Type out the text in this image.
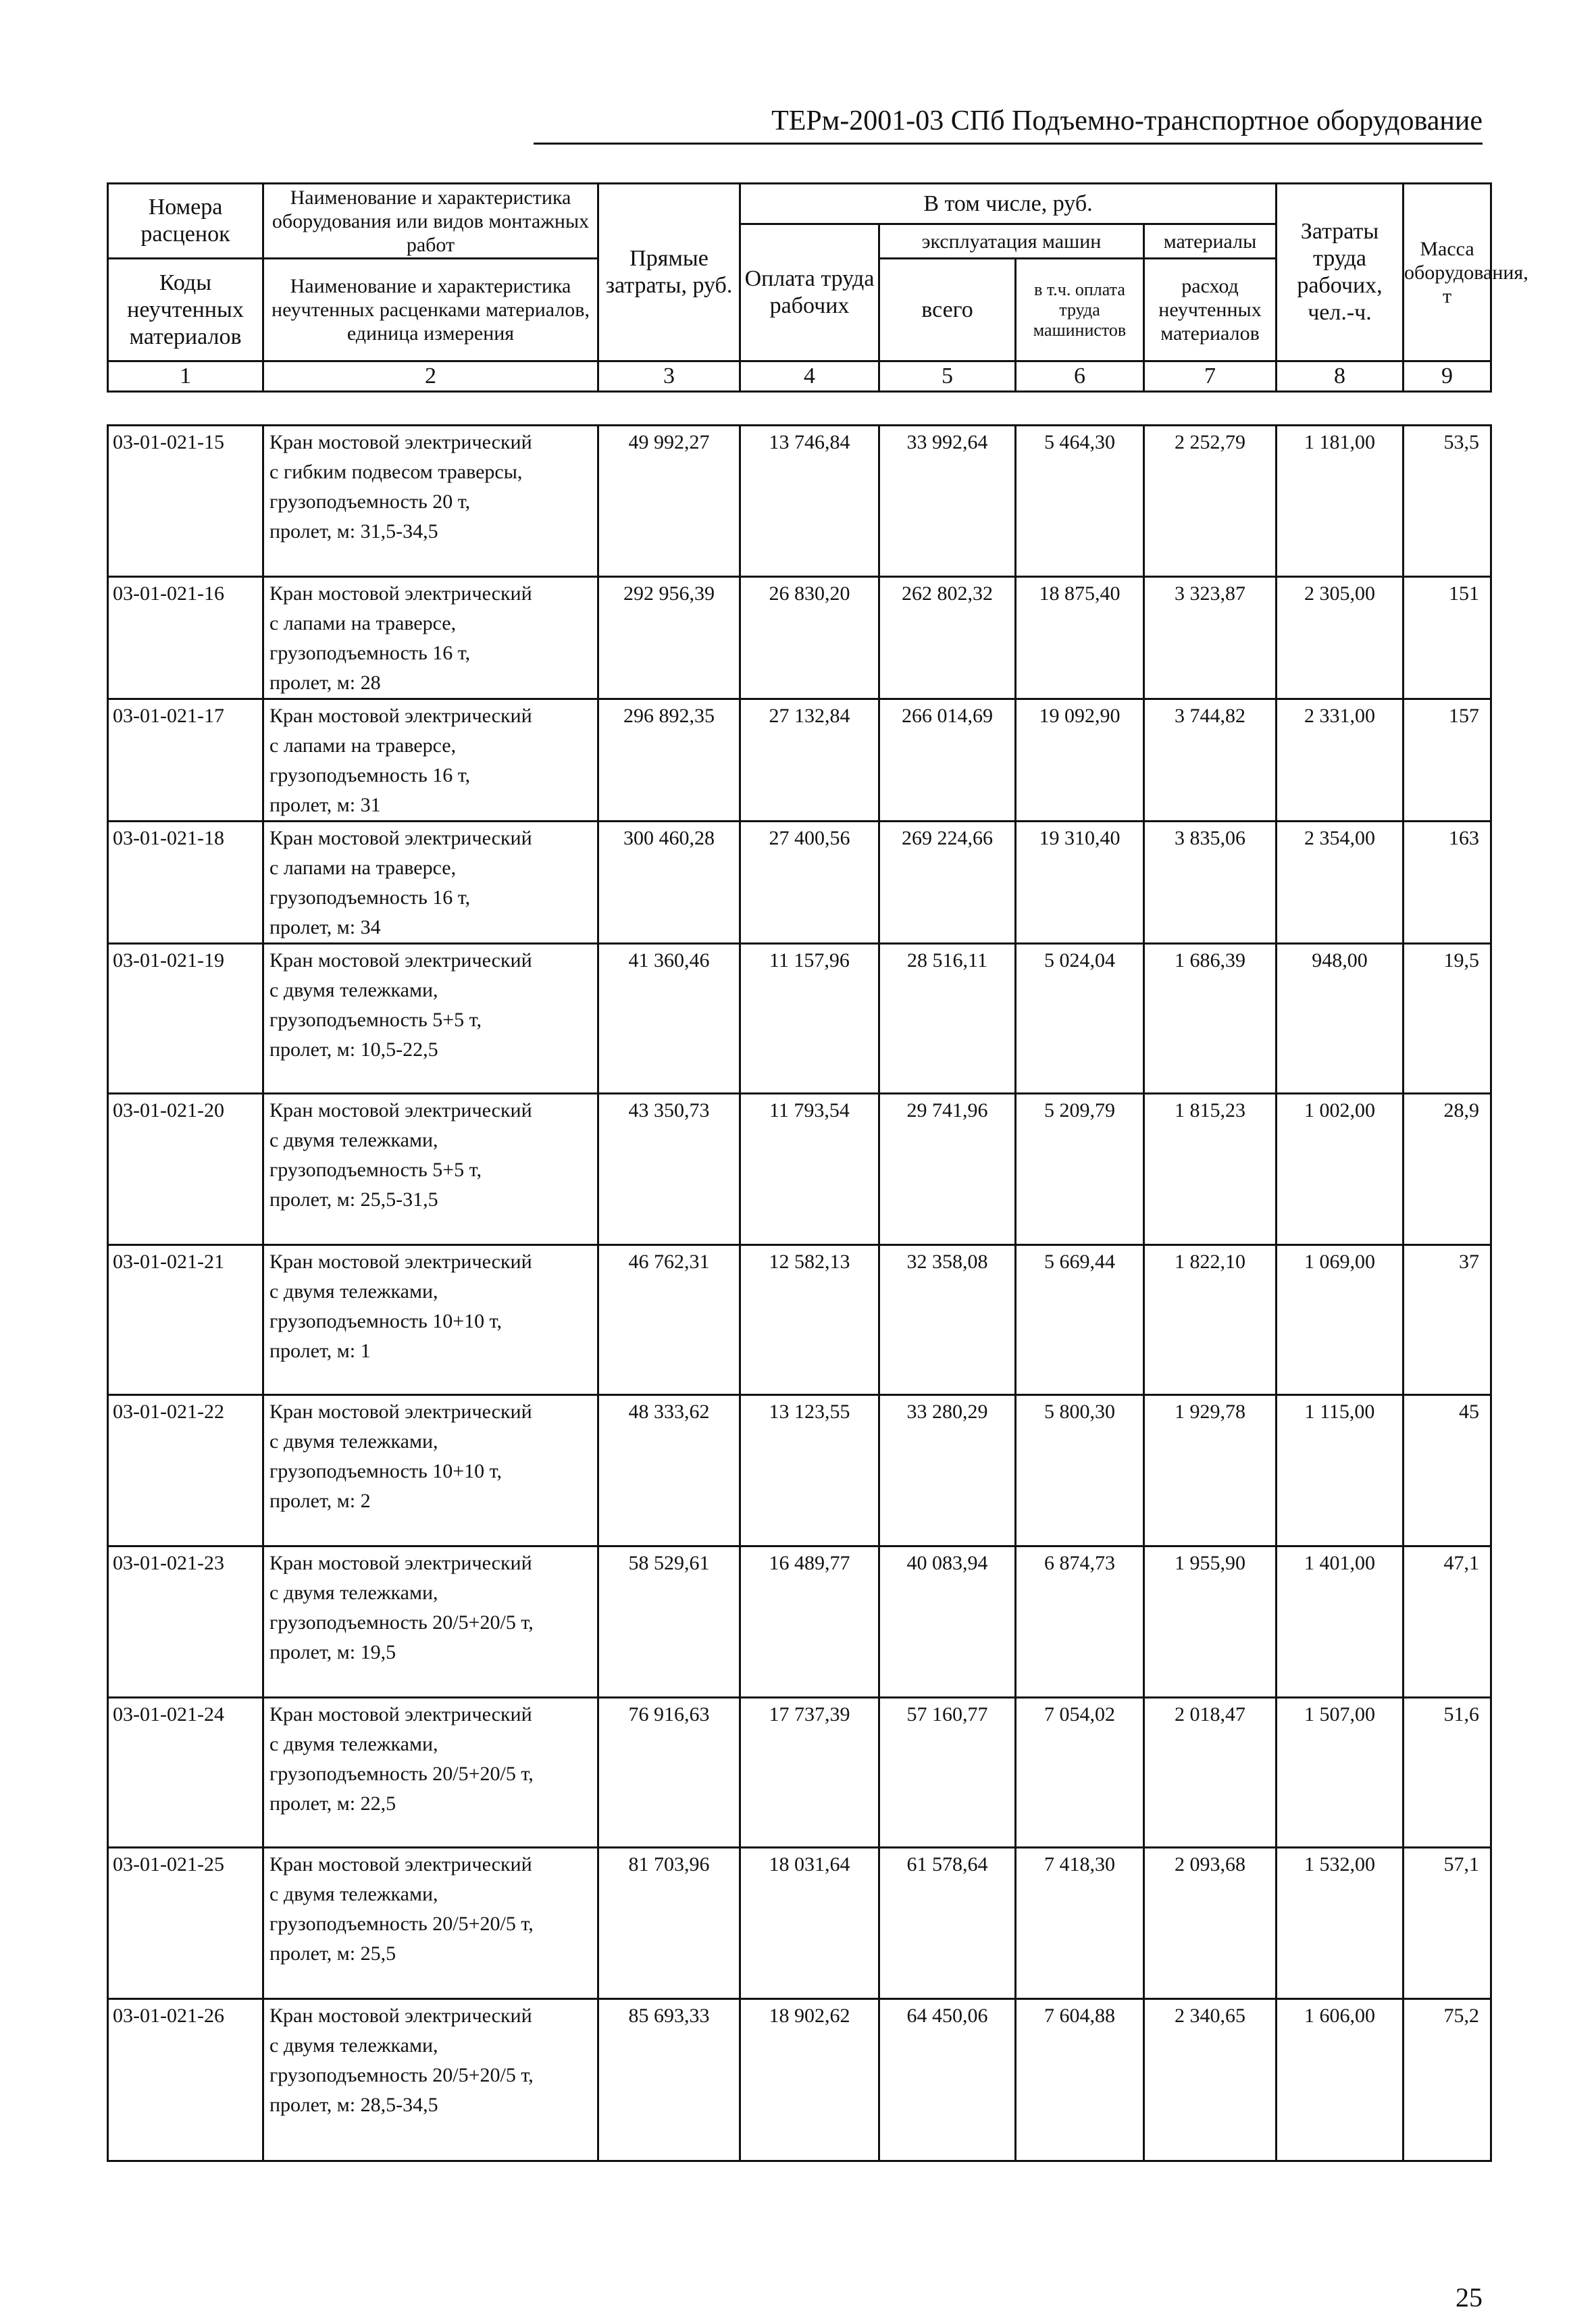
ТЕРм-2001-03 СПб Подъемно-транспортное оборудование
Номера расценок	Наименование и характеристика оборудования или видов монтажных работ	Прямые затраты, руб.	В том числе, руб.				Затраты труда рабочих, чел.-ч.	Масса оборудования, т
			Оплата труда рабочих	эксплуатация машин		материалы		
Коды неучтенных материалов	Наименование и характеристика неучтенных расценками материалов, единица измерения			всего	в т.ч. оплата труда машинистов	расход неучтенных материалов		

1	2	3	4	5	6	7	8	9
03-01-021-15	Кран мостовой электрический
с гибким подвесом траверсы,
грузоподъемность 20 т,
пролет, м: 31,5-34,5	49 992,27	13 746,84	33 992,64	5 464,30	2 252,79	1 181,00	53,5
03-01-021-16	Кран мостовой электрический
с лапами на траверсе,
грузоподъемность 16 т,
пролет, м: 28	292 956,39	26 830,20	262 802,32	18 875,40	3 323,87	2 305,00	151
03-01-021-17	Кран мостовой электрический
с лапами на траверсе,
грузоподъемность 16 т,
пролет, м: 31	296 892,35	27 132,84	266 014,69	19 092,90	3 744,82	2 331,00	157
03-01-021-18	Кран мостовой электрический
с лапами на траверсе,
грузоподъемность 16 т,
пролет, м: 34	300 460,28	27 400,56	269 224,66	19 310,40	3 835,06	2 354,00	163
03-01-021-19	Кран мостовой электрический
с двумя тележками,
грузоподъемность 5+5 т,
пролет, м: 10,5-22,5	41 360,46	11 157,96	28 516,11	5 024,04	1 686,39	948,00	19,5
03-01-021-20	Кран мостовой электрический
с двумя тележками,
грузоподъемность 5+5 т,
пролет, м: 25,5-31,5	43 350,73	11 793,54	29 741,96	5 209,79	1 815,23	1 002,00	28,9
03-01-021-21	Кран мостовой электрический
с двумя тележками,
грузоподъемность 10+10 т,
пролет, м: 1	46 762,31	12 582,13	32 358,08	5 669,44	1 822,10	1 069,00	37
03-01-021-22	Кран мостовой электрический
с двумя тележками,
грузоподъемность 10+10 т,
пролет, м: 2	48 333,62	13 123,55	33 280,29	5 800,30	1 929,78	1 115,00	45
03-01-021-23	Кран мостовой электрический
с двумя тележками,
грузоподъемность 20/5+20/5 т,
пролет, м: 19,5	58 529,61	16 489,77	40 083,94	6 874,73	1 955,90	1 401,00	47,1
03-01-021-24	Кран мостовой электрический
с двумя тележками,
грузоподъемность 20/5+20/5 т,
пролет, м: 22,5	76 916,63	17 737,39	57 160,77	7 054,02	2 018,47	1 507,00	51,6
03-01-021-25	Кран мостовой электрический
с двумя тележками,
грузоподъемность 20/5+20/5 т,
пролет, м: 25,5	81 703,96	18 031,64	61 578,64	7 418,30	2 093,68	1 532,00	57,1
03-01-021-26	Кран мостовой электрический
с двумя тележками,
грузоподъемность 20/5+20/5 т,
пролет, м: 28,5-34,5	85 693,33	18 902,62	64 450,06	7 604,88	2 340,65	1 606,00	75,2
25
